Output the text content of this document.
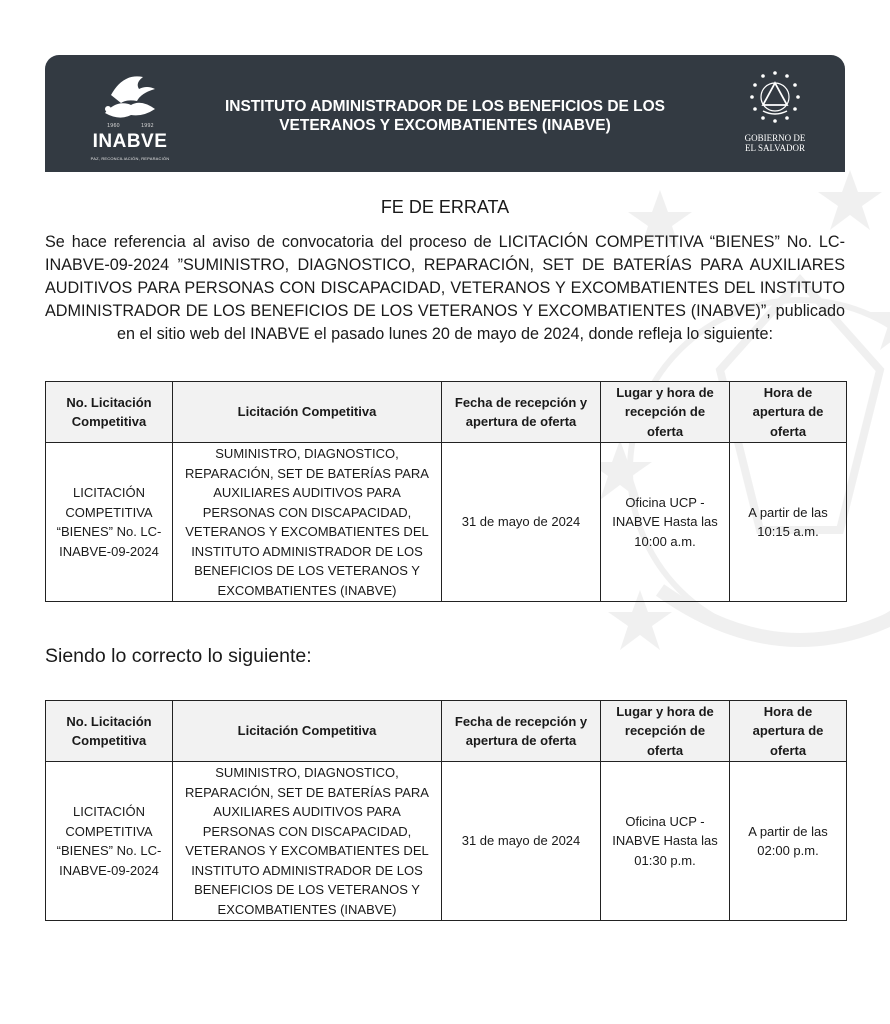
1960	1992
INABVE
PAZ, RECONCILIACIÓN, REPARACIÓN
INSTITUTO ADMINISTRADOR DE LOS BENEFICIOS DE LOS VETERANOS Y EXCOMBATIENTES (INABVE)
GOBIERNO DE
EL SALVADOR
FE DE ERRATA

Se hace referencia al aviso de convocatoria del proceso de LICITACIÓN COMPETITIVA “BIENES” No. LC-INABVE-09-2024 ”SUMINISTRO, DIAGNOSTICO, REPARACIÓN, SET DE BATERÍAS PARA AUXILIARES AUDITIVOS PARA PERSONAS CON DISCAPACIDAD, VETERANOS Y EXCOMBATIENTES DEL INSTITUTO ADMINISTRADOR DE LOS BENEFICIOS DE LOS VETERANOS Y EXCOMBATIENTES (INABVE)”, publicado en el sitio web del INABVE el pasado lunes 20 de mayo de 2024, donde refleja lo siguiente:

No. Licitación Competitiva	Licitación Competitiva	Fecha de recepción y apertura de oferta	Lugar y hora de recepción de oferta	Hora de apertura de oferta
LICITACIÓN COMPETITIVA “BIENES” No. LC-INABVE-09-2024	SUMINISTRO, DIAGNOSTICO, REPARACIÓN, SET DE BATERÍAS PARA AUXILIARES AUDITIVOS PARA PERSONAS CON DISCAPACIDAD, VETERANOS Y EXCOMBATIENTES DEL INSTITUTO ADMINISTRADOR DE LOS BENEFICIOS DE LOS VETERANOS Y EXCOMBATIENTES (INABVE)	31 de mayo de 2024	Oficina UCP - INABVE Hasta las 10:00 a.m.	A partir de las 10:15 a.m.
Siendo lo correcto lo siguiente:
No. Licitación Competitiva	Licitación Competitiva	Fecha de recepción y apertura de oferta	Lugar y hora de recepción de oferta	Hora de apertura de oferta
LICITACIÓN COMPETITIVA “BIENES” No. LC-INABVE-09-2024	SUMINISTRO, DIAGNOSTICO, REPARACIÓN, SET DE BATERÍAS PARA AUXILIARES AUDITIVOS PARA PERSONAS CON DISCAPACIDAD, VETERANOS Y EXCOMBATIENTES DEL INSTITUTO ADMINISTRADOR DE LOS BENEFICIOS DE LOS VETERANOS Y EXCOMBATIENTES (INABVE)	31 de mayo de 2024	Oficina UCP - INABVE Hasta las 01:30 p.m.	A partir de las 02:00 p.m.
